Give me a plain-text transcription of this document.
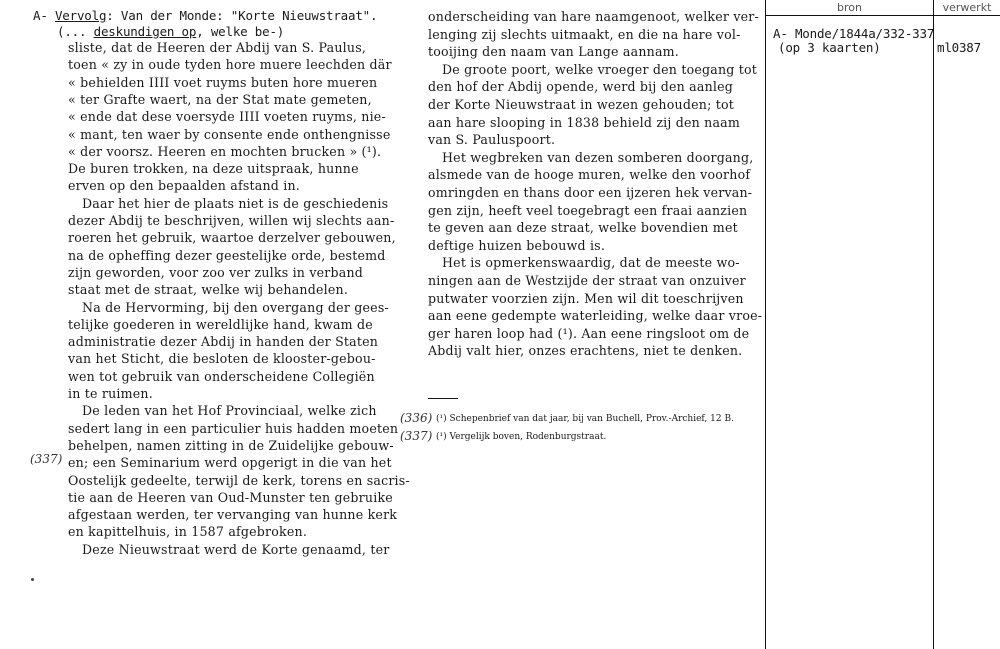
A- Vervolg: Van der Monde: "Korte Nieuwstraat".
(... deskundigen op, welke be-)
sliste, dat de Heeren der Abdij van S. Paulus,
toen « zy in oude tyden hore muere leechden där
« behielden IIII voet ruyms buten hore mueren
« ter Grafte waert, na der Stat mate gemeten,
« ende dat dese voersyde IIII voeten ruyms, nie-
« mant, ten waer by consente ende onthengnisse
« der voorsz. Heeren en mochten brucken » (¹).
De buren trokken, na deze uitspraak, hunne
erven op den bepaalden afstand in.
Daar het hier de plaats niet is de geschiedenis
dezer Abdij te beschrijven, willen wij slechts aan-
roeren het gebruik, waartoe derzelver gebouwen,
na de opheffing dezer geestelijke orde, bestemd
zijn geworden, voor zoo ver zulks in verband
staat met de straat, welke wij behandelen.
Na de Hervorming, bij den overgang der gees-
telijke goederen in wereldlijke hand, kwam de
administratie dezer Abdij in handen der Staten
van het Sticht, die besloten de klooster-gebou-
wen tot gebruik van onderscheidene Collegiën
in te ruimen.
De leden van het Hof Provinciaal, welke zich
sedert lang in een particulier huis hadden moeten
behelpen, namen zitting in de Zuidelijke gebouw-
en; een Seminarium werd opgerigt in die van het
Oostelijk gedeelte, terwijl de kerk, torens en sacris-
tie aan de Heeren van Oud-Munster ten gebruike
afgestaan werden, ter vervanging van hunne kerk
en kapittelhuis, in 1587 afgebroken.
Deze Nieuwstraat werd de Korte genaamd, ter
onderscheiding van hare naamgenoot, welker ver-
lenging zij slechts uitmaakt, en die na hare vol-
tooijing den naam van Lange aannam.
De groote poort, welke vroeger den toegang tot
den hof der Abdij opende, werd bij den aanleg
der Korte Nieuwstraat in wezen gehouden; tot
aan hare slooping in 1838 behield zij den naam
van S. Pauluspoort.
Het wegbreken van dezen somberen doorgang,
alsmede van de hooge muren, welke den voorhof
omringden en thans door een ijzeren hek vervan-
gen zijn, heeft veel toegebragt een fraai aanzien
te geven aan deze straat, welke bovendien met
deftige huizen bebouwd is.
Het is opmerkenswaardig, dat de meeste wo-
ningen aan de Westzijde der straat van onzuiver
putwater voorzien zijn. Men wil dit toeschrijven
aan eene gedempte waterleiding, welke daar vroe-
ger haren loop had (¹). Aan eene ringsloot om de
Abdij valt hier, onzes erachtens, niet te denken.
(337)
(336) (¹) Schepenbrief van dat jaar, bij van Buchell, Prov.-Archief, 12 B.
(337) (¹) Vergelijk boven, Rodenburgstraat.
bron	verwerkt
A- Monde/1844a/332-337
(op 3 kaarten)	ml0387
